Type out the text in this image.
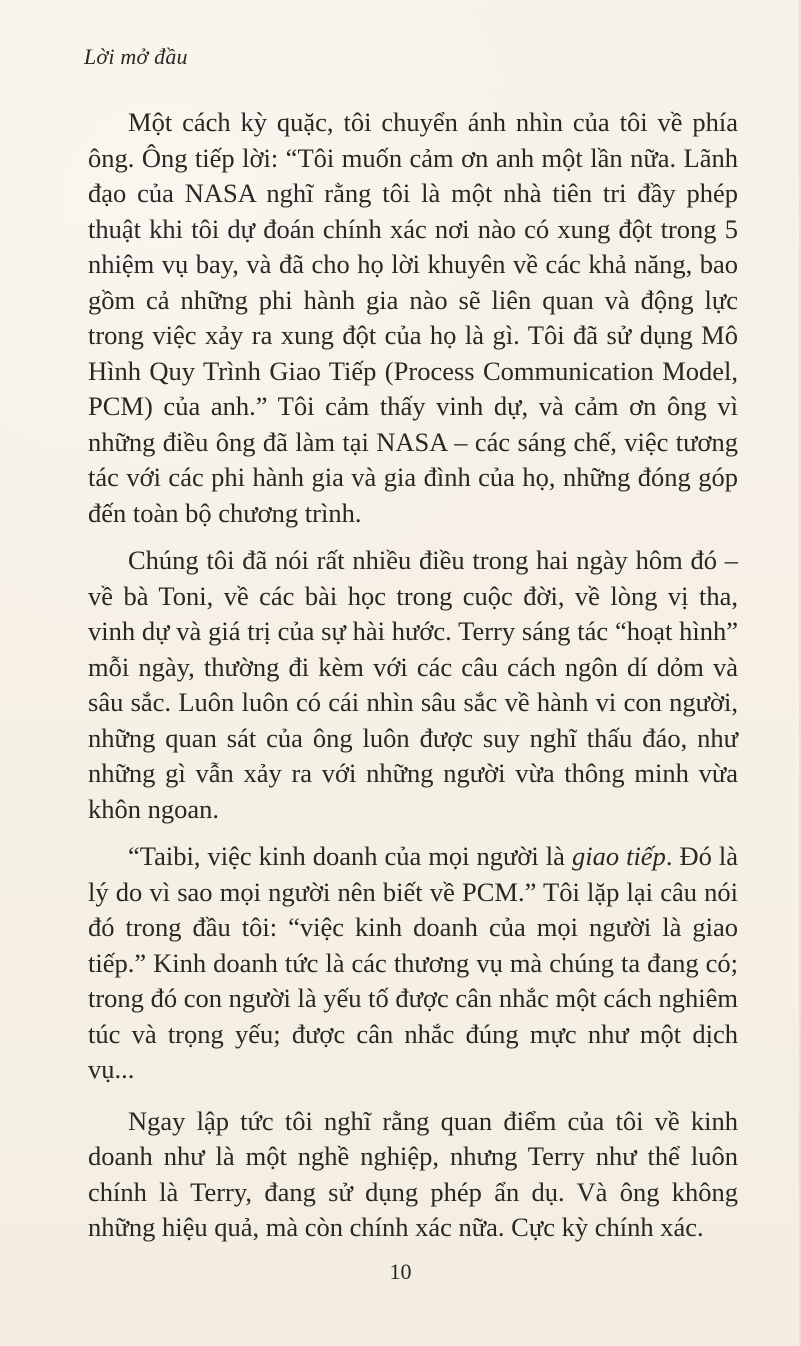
Lời mở đầu

Một cách kỳ quặc, tôi chuyển ánh nhìn của tôi về phía ông. Ông tiếp lời: “Tôi muốn cảm ơn anh một lần nữa. Lãnh đạo của NASA nghĩ rằng tôi là một nhà tiên tri đầy phép thuật khi tôi dự đoán chính xác nơi nào có xung đột trong 5 nhiệm vụ bay, và đã cho họ lời khuyên về các khả năng, bao gồm cả những phi hành gia nào sẽ liên quan và động lực trong việc xảy ra xung đột của họ là gì. Tôi đã sử dụng Mô Hình Quy Trình Giao Tiếp (Process Communication Model, PCM) của anh.” Tôi cảm thấy vinh dự, và cảm ơn ông vì những điều ông đã làm tại NASA – các sáng chế, việc tương tác với các phi hành gia và gia đình của họ, những đóng góp đến toàn bộ chương trình.

Chúng tôi đã nói rất nhiều điều trong hai ngày hôm đó – về bà Toni, về các bài học trong cuộc đời, về lòng vị tha, vinh dự và giá trị của sự hài hước. Terry sáng tác “hoạt hình” mỗi ngày, thường đi kèm với các câu cách ngôn dí dỏm và sâu sắc. Luôn luôn có cái nhìn sâu sắc về hành vi con người, những quan sát của ông luôn được suy nghĩ thấu đáo, như những gì vẫn xảy ra với những người vừa thông minh vừa khôn ngoan.

“Taibi, việc kinh doanh của mọi người là giao tiếp. Đó là lý do vì sao mọi người nên biết về PCM.” Tôi lặp lại câu nói đó trong đầu tôi: “việc kinh doanh của mọi người là giao tiếp.” Kinh doanh tức là các thương vụ mà chúng ta đang có; trong đó con người là yếu tố được cân nhắc một cách nghiêm túc và trọng yếu; được cân nhắc đúng mực như một dịch vụ...

Ngay lập tức tôi nghĩ rằng quan điểm của tôi về kinh doanh như là một nghề nghiệp, nhưng Terry như thể luôn chính là Terry, đang sử dụng phép ẩn dụ. Và ông không những hiệu quả, mà còn chính xác nữa. Cực kỳ chính xác.

10
